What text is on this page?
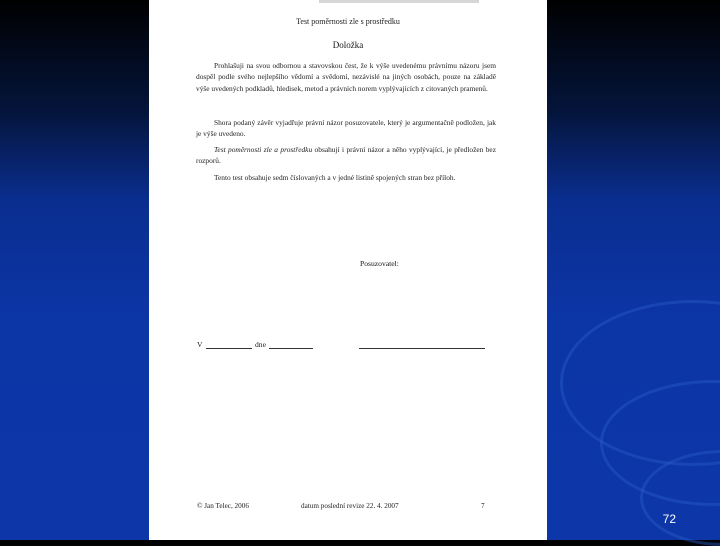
Test poměrnosti zle s prostředku
Doložka

Prohlašuji na svou odbornou a stavovskou čest, že k výše uvedenému právnímu názoru jsem dospěl podle svého nejlepšího vědomí a svědomí, nezávislé na jiných osobách, pouze na základě výše uvedených podkladů, hledisek, metod a právních norem vyplývajících z citovaných pramenů.

Shora podaný závěr vyjadřuje právní názor posuzovatele, který je argumentačně podložen, jak je výše uvedeno.

Test poměrnosti zle a prostředku obsahují i právní názor a něho vyplývající, je předložen bez rozporů.

Tento test obsahuje sedm číslovaných a v jedné listině spojených stran bez příloh.

Posuzovatel:
V	dne
© Jan Telec, 2006	datum poslední revize 22. 4. 2007	7
72
